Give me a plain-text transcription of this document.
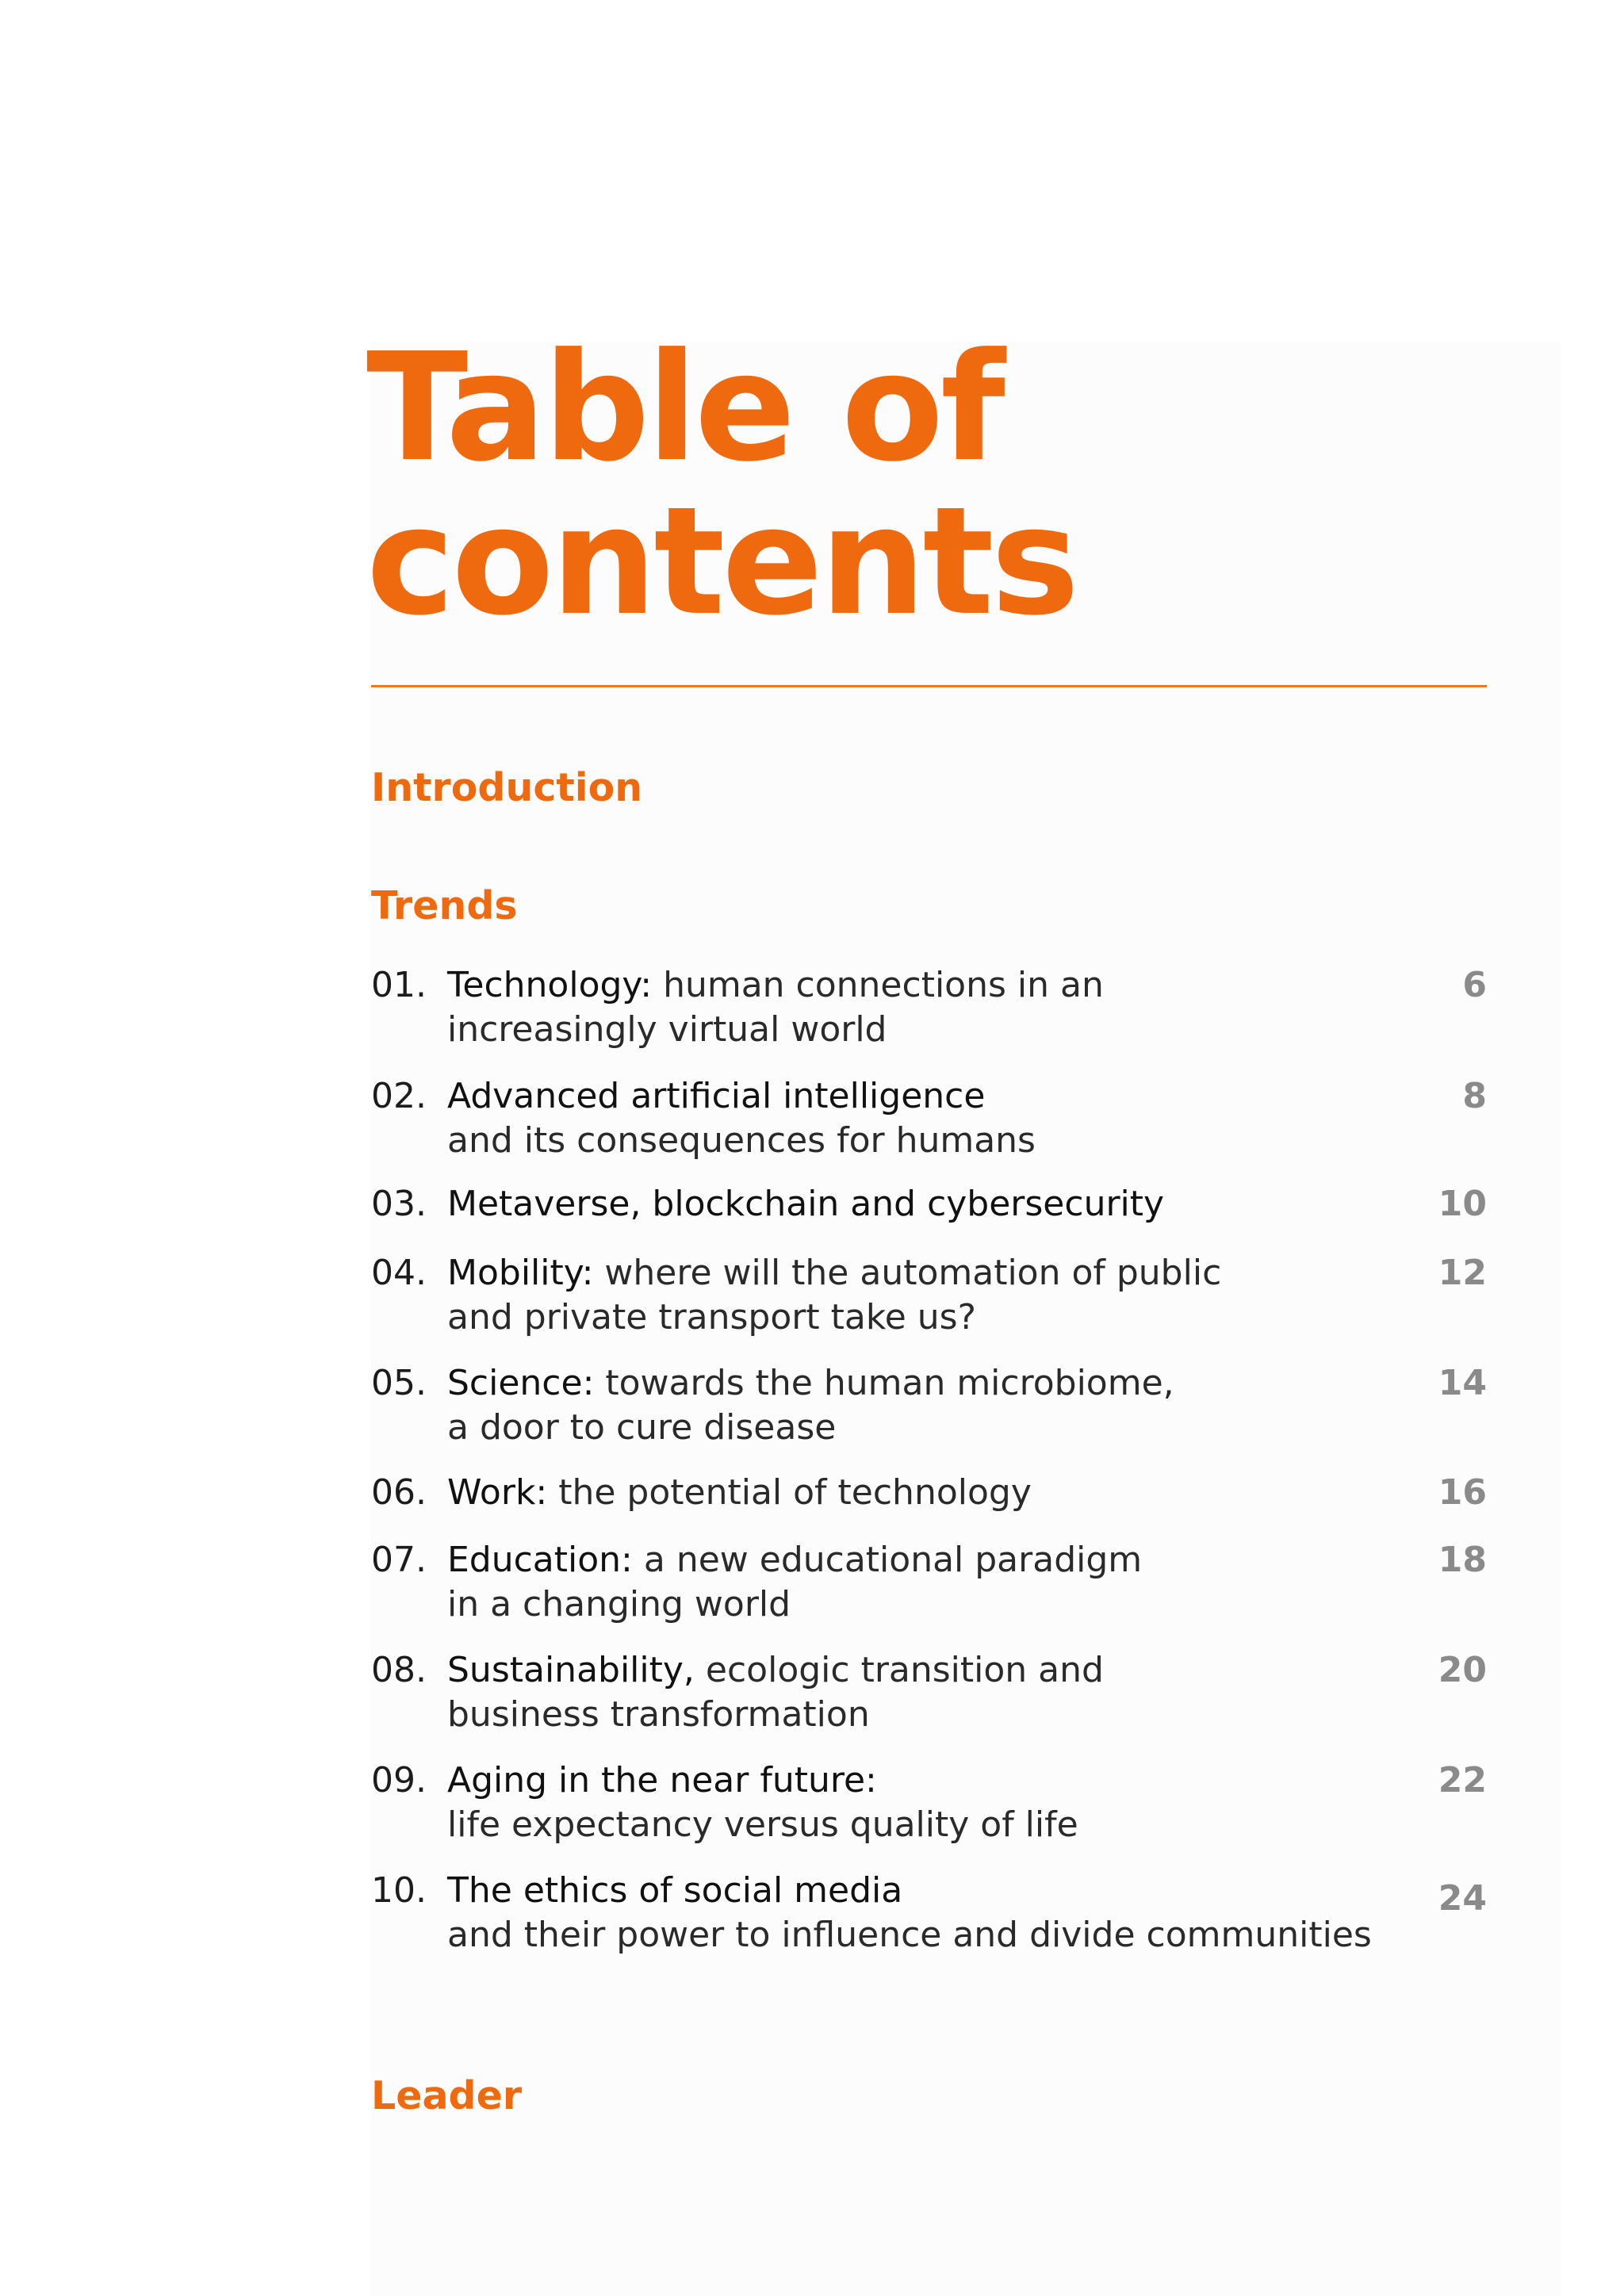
Table of
contents
Introduction
Trends
01. Technology: human connections in an
increasingly virtual world
6
02. Advanced artificial intelligence
and its consequences for humans
8
03. Metaverse, blockchain and cybersecurity	10
04. Mobility: where will the automation of public
and private transport take us?
12
05. Science: towards the human microbiome,
a door to cure disease
14
06. Work: the potential of technology	16
07. Education: a new educational paradigm
in a changing world
18
08. Sustainability, ecologic transition and
business transformation
20
09. Aging in the near future:
life expectancy versus quality of life
22
10. The ethics of social media
and their power to influence and divide communities
24
Leader
